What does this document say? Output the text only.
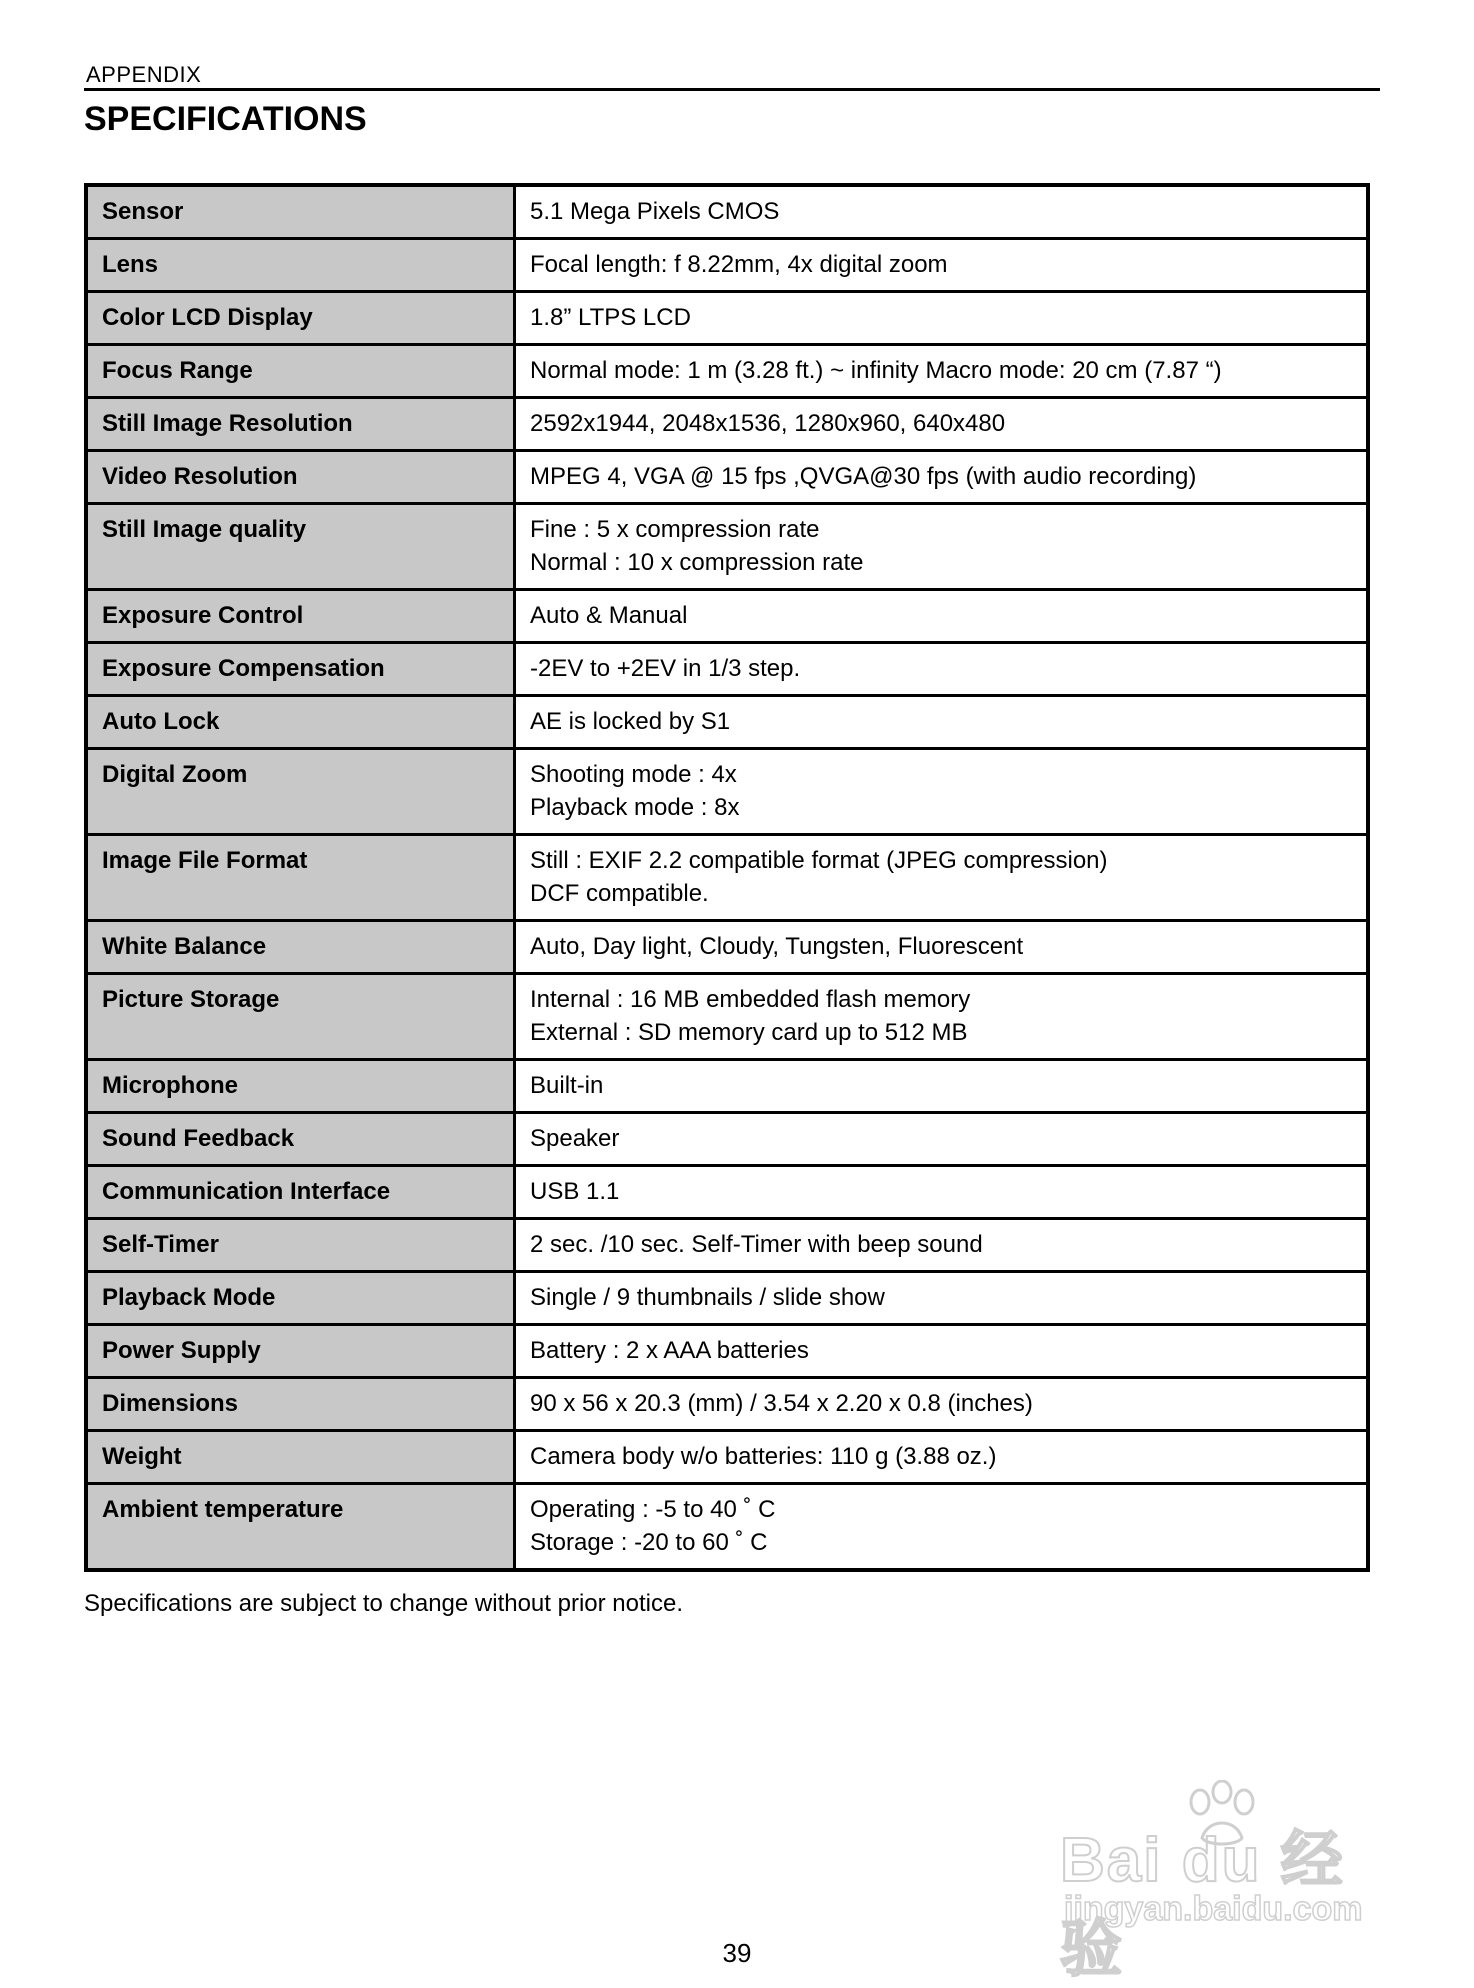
APPENDIX
SPECIFICATIONS
Sensor	5.1 Mega Pixels CMOS

Lens	Focal length: f 8.22mm, 4x digital zoom

Color LCD Display	1.8” LTPS LCD

Focus Range	Normal mode: 1 m (3.28 ft.) ~ infinity Macro mode: 20 cm (7.87 “)

Still Image Resolution	2592x1944, 2048x1536, 1280x960, 640x480

Video Resolution	MPEG 4, VGA @ 15 fps ,QVGA@30 fps (with audio recording)

Still Image quality	Fine : 5 x compression rate
Normal : 10 x compression rate

Exposure Control	Auto & Manual

Exposure Compensation	-2EV to +2EV in 1/3 step.

Auto Lock	AE is locked by S1

Digital Zoom	Shooting mode : 4x
Playback mode : 8x

Image File Format	Still : EXIF 2.2 compatible format (JPEG compression)
DCF compatible.

White Balance	Auto, Day light, Cloudy, Tungsten, Fluorescent

Picture Storage	Internal : 16 MB embedded flash memory
External : SD memory card up to 512 MB

Microphone	Built-in

Sound Feedback	Speaker

Communication Interface	USB 1.1

Self-Timer	2 sec. /10 sec. Self-Timer with beep sound

Playback Mode	Single / 9 thumbnails / slide show

Power Supply	Battery : 2 x AAA batteries

Dimensions	90 x 56 x 20.3 (mm) / 3.54 x 2.20 x 0.8 (inches)

Weight	Camera body w/o batteries: 110 g (3.88 oz.)

Ambient temperature	Operating : -5 to 40 ˚ C
Storage : -20 to 60 ˚ C
Specifications are subject to change without prior notice.
Bai du 经验
jingyan.baidu.com
39
